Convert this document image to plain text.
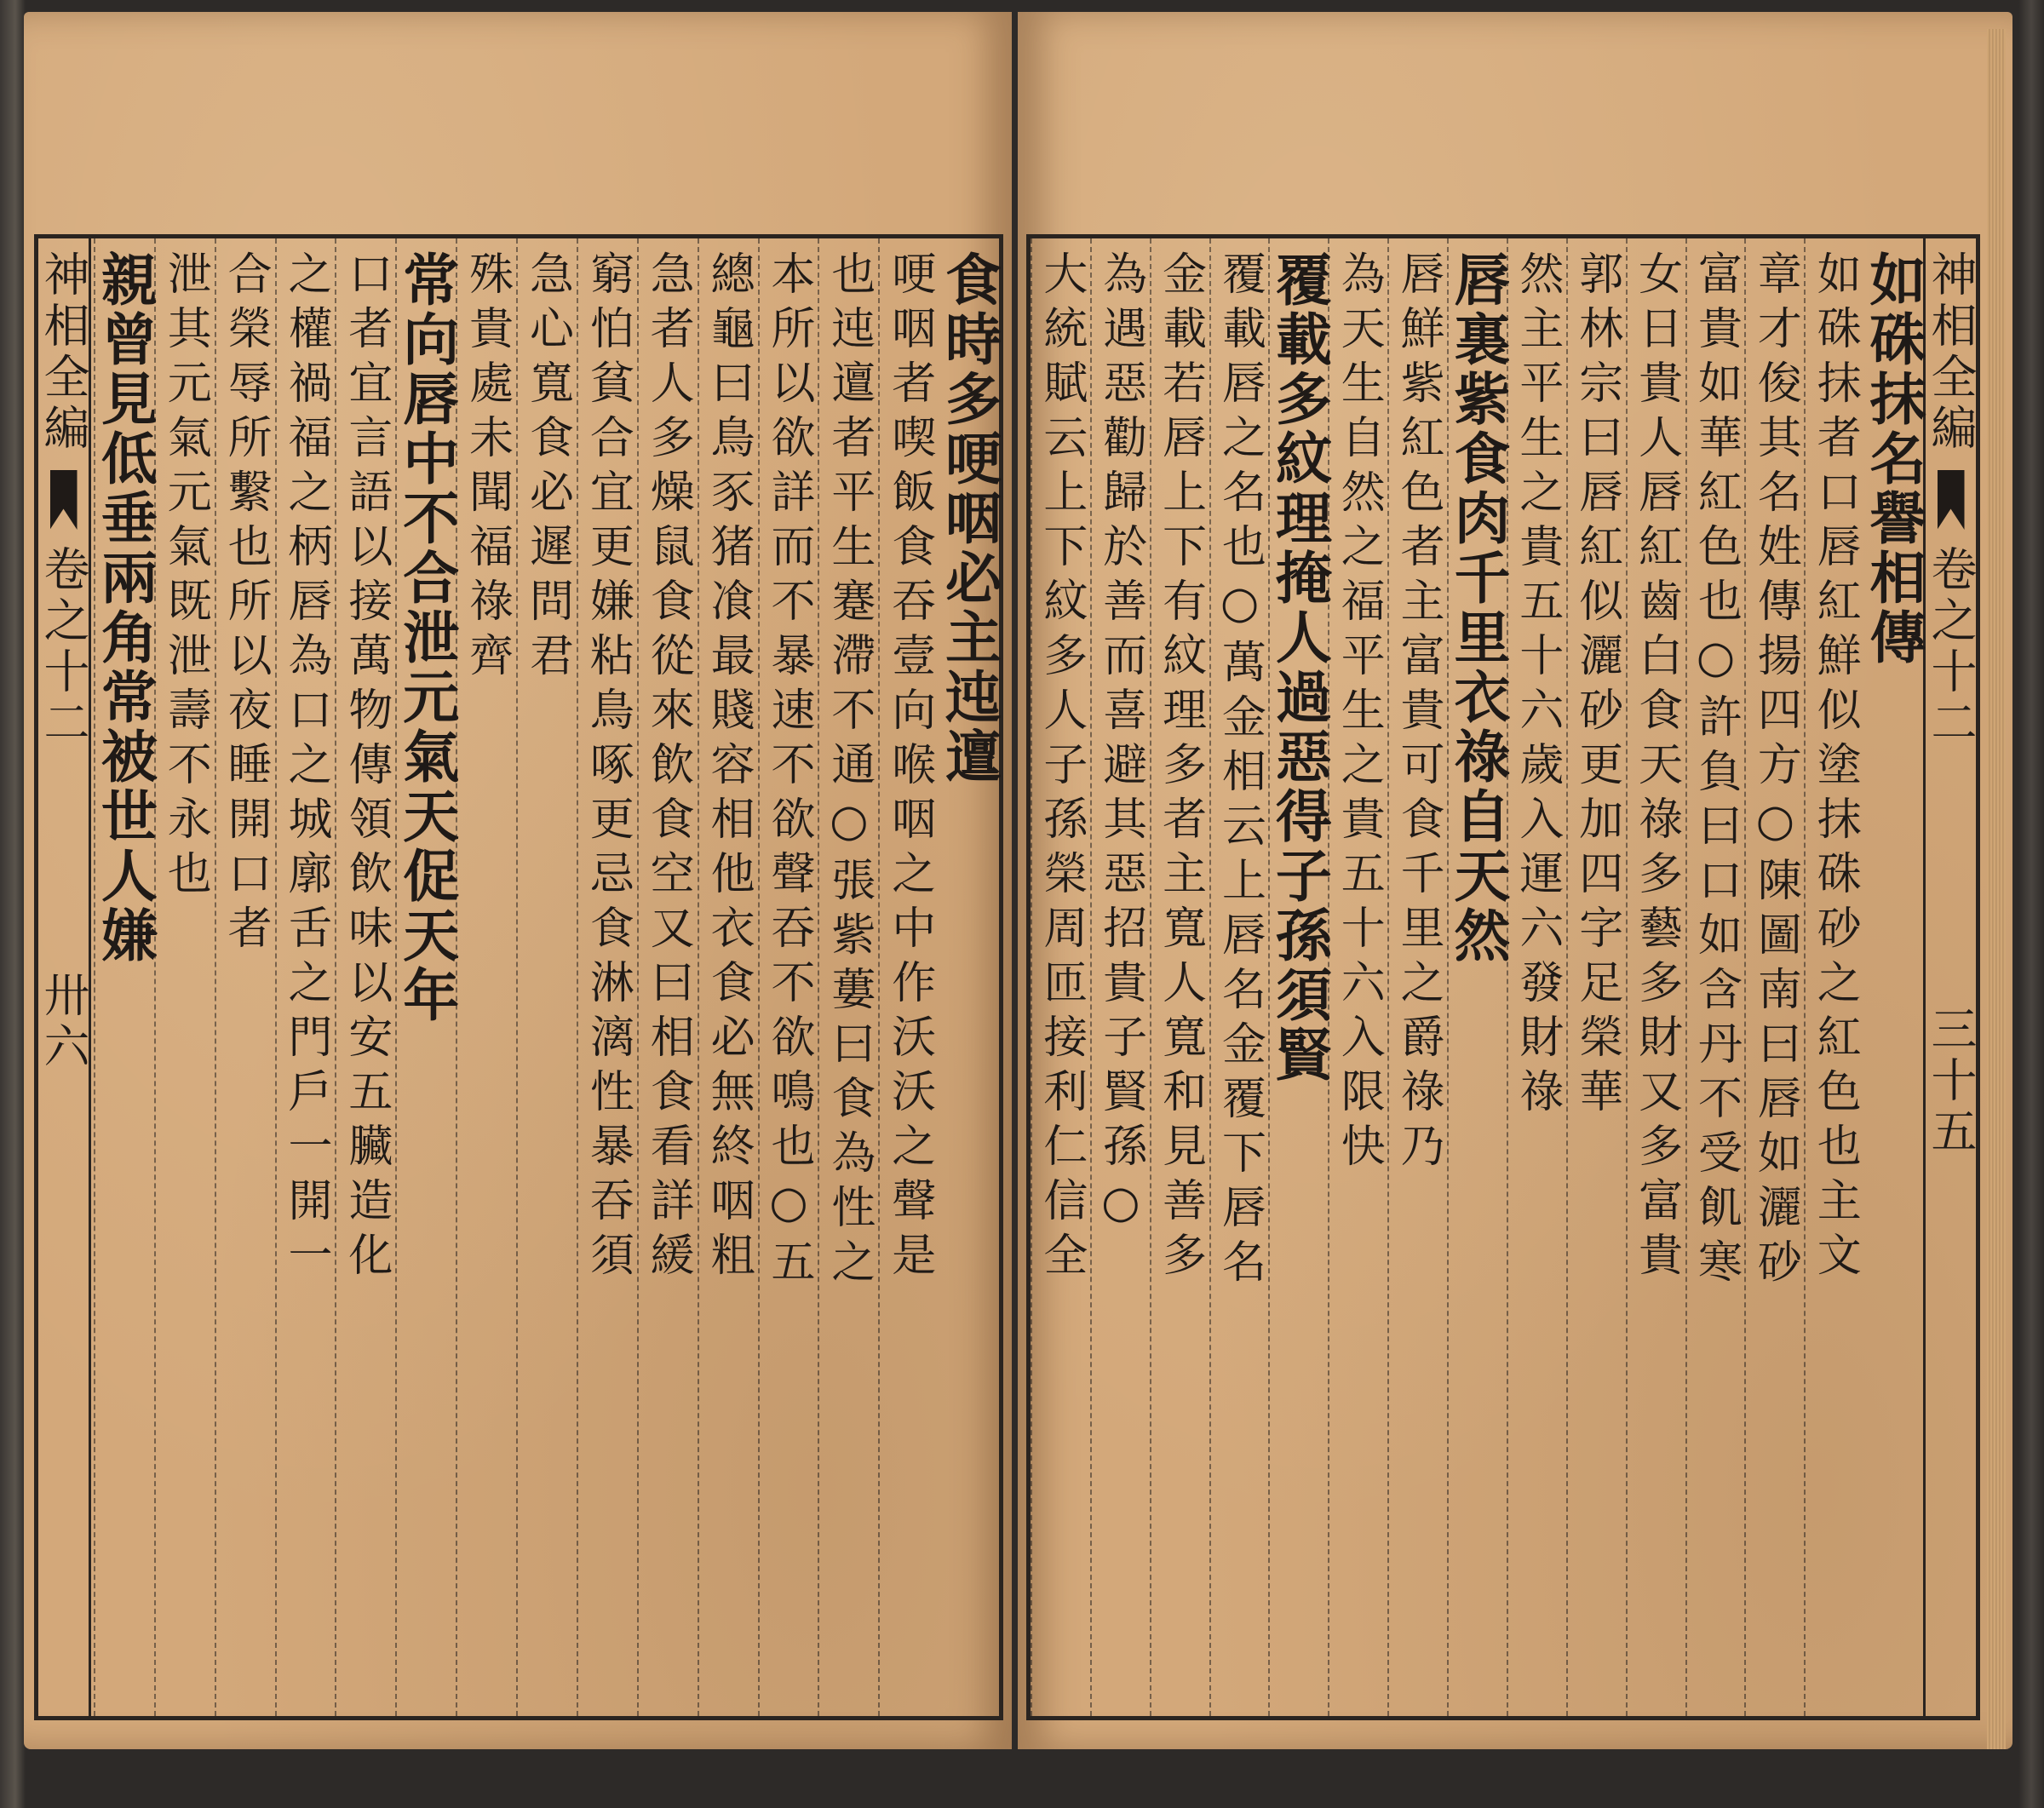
神相全編
卷之十二
卅六
食時多哽咽必主迍邅
哽咽者喫飯食吞壹向喉咽之中作沃沃之聲是
也迍邅者平生蹇滯不通○張紫蔞曰食為性之
本所以欲詳而不暴速不欲聲吞不欲鳴也○五
總龜曰鳥豕猪飡最賤容相他衣食必無終咽粗
急者人多燥鼠食從來飲食空又曰相食看詳緩
窮怕貧合宜更嫌粘鳥啄更忌食淋漓性暴吞須
急心寬食必遲問君
殊貴處未聞福祿齊
常向唇中不合泄元氣天促天年
口者宜言語以接萬物傳領飲味以安五臟造化
之權禍福之柄唇為口之城廓舌之門戶一開一
合榮辱所繫也所以夜睡開口者
泄其元氣元氣既泄壽不永也
親曾見低垂兩角常被世人嫌	神相全編
卷之十二
三十五
如硃抹名譽相傳
如硃抹者口唇紅鮮似塗抹硃砂之紅色也主文
章才俊其名姓傳揚四方○陳圖南曰唇如灑砂
富貴如華紅色也○許負曰口如含丹不受飢寒
女日貴人唇紅齒白食天祿多藝多財又多富貴
郭林宗曰唇紅似灑砂更加四字足榮華
然主平生之貴五十六歲入運六發財祿
唇裏紫食肉千里衣祿自天然
唇鮮紫紅色者主富貴可食千里之爵祿乃
為天生自然之福平生之貴五十六入限快
覆載多紋理掩人過惡得子孫須賢
覆載唇之名也○萬金相云上唇名金覆下唇名
金載若唇上下有紋理多者主寬人寬和見善多
為遇惡勸歸於善而喜避其惡招貴子賢孫○
大統賦云上下紋多人子孫榮周匝接利仁信全
